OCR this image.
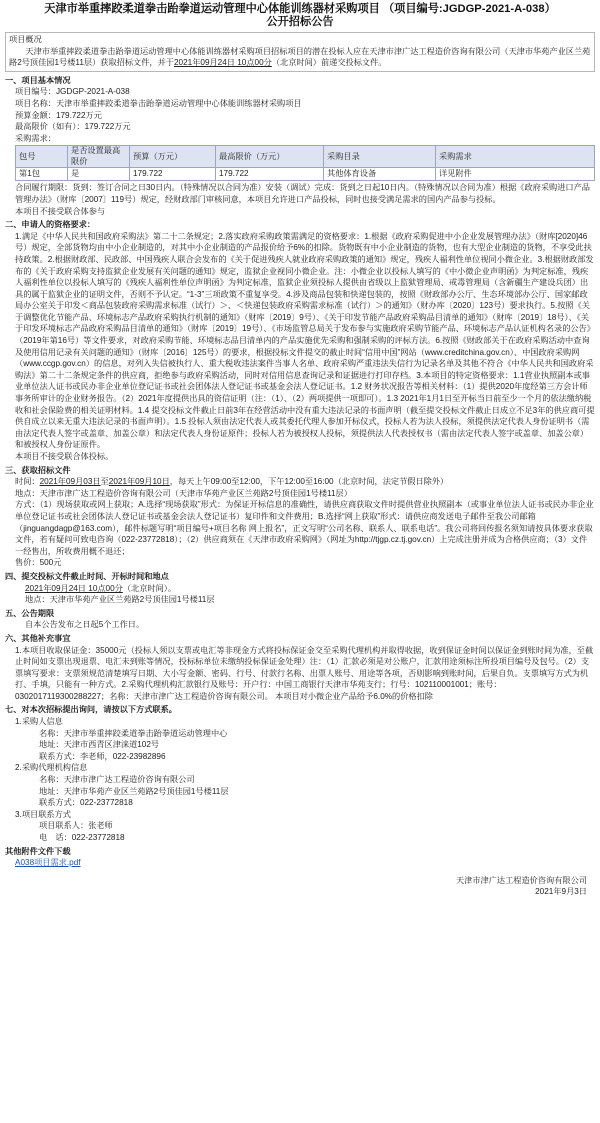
天津市举重摔跤柔道拳击跆拳道运动管理中心体能训练器材采购项目 （项目编号:JGDGP-2021-A-038）
公开招标公告

项目概况

天津市举重摔跤柔道拳击跆拳道运动管理中心体能训练器材采购项目招标项目的潜在投标人应在天津市津广达工程造价咨询有限公司（天津市华苑产业区兰苑路2号顶佳园1号楼11层）获取招标文件，并于2021年09月24日 10点00分（北京时间）前递交投标文件。

一、项目基本情况

项目编号：JGDGP-2021-A-038

项目名称：天津市举重摔跤柔道拳击跆拳道运动管理中心体能训练器材采购项目

预算金额：179.722万元

最高限价（如有）：179.722万元

采购需求：

包号	是否设置最高限价	预算（万元）	最高限价（万元）	采购目录	采购需求
第1包	是	179.722	179.722	其他体育设备	详见附件

合同履行期限：货到：签订合同之日30日内。（特殊情况以合同为准）安装（调试）完成：货到之日起10日内。（特殊情况以合同为准）根据《政府采购进口产品管理办法》（财库〔2007〕119号）规定，经财政部门审核同意，本项目允许进口产品投标，同时也接受满足需求的国内产品参与投标。

本项目不接受联合体参与

二、申请人的资格要求：

1.满足《中华人民共和国政府采购法》第二十二条规定；2.落实政府采购政策需满足的资格要求：1.根据《政府采购促进中小企业发展管理办法》（财库[2020]46号）规定，全部货物均由中小企业制造的，对其中小企业制造的产品报价给予6%的扣除。货物既有中小企业制造的货物，也有大型企业制造的货物，不享受此扶持政策。2.根据财政部、民政部、中国残疾人联合会发布的《关于促进残疾人就业政府采购政策的通知》规定，残疾人福利性单位视同小微企业。3.根据财政部发布的《关于政府采购支持监狱企业发展有关问题的通知》规定，监狱企业视同小微企业。注：小微企业以投标人填写的《中小微企业声明函》为判定标准，残疾人福利性单位以投标人填写的《残疾人福利性单位声明函》为判定标准，监狱企业须投标人提供由省级以上监狱管理局、戒毒管理局（含新疆生产建设兵团）出具的属于监狱企业的证明文件，否则不予认定。“1-3”三项政策不重复享受。4.涉及商品包装和快递包装的，按照《财政部办公厅、生态环境部办公厅、国家邮政局办公室关于印发＜商品包装政府采购需求标准（试行）＞、＜快递包装政府采购需求标准（试行）＞的通知》（财办库〔2020〕123号）要求执行。5.按照《关于调整优化节能产品、环境标志产品政府采购执行机制的通知》（财库〔2019〕9号）、《关于印发节能产品政府采购品目清单的通知》（财库〔2019〕18号）、《关于印发环境标志产品政府采购品目清单的通知》（财库〔2019〕19号）、《市场监管总局关于发布参与实施政府采购节能产品、环境标志产品认证机构名录的公告》（2019年第16号）等文件要求，对政府采购节能、环境标志品目清单内的产品实施优先采购和强制采购的评标方法。6.按照《财政部关于在政府采购活动中查询及使用信用记录有关问题的通知》（财库〔2016〕125号）的要求，根据投标文件提交的截止时间“信用中国”网站（www.creditchina.gov.cn）、中国政府采购网（www.ccgp.gov.cn）的信息，对列入失信被执行人、重大税收违法案件当事人名单、政府采购严重违法失信行为记录名单及其他不符合《中华人民共和国政府采购法》第二十二条规定条件的供应商，拒绝参与政府采购活动，同时对信用信息查询记录和证据进行打印存档。3.本项目的特定资格要求：1.1营业执照副本或事业单位法人证书或民办非企业单位登记证书或社会团体法人登记证书或基金会法人登记证书。1.2 财务状况报告等相关材料：（1）提供2020年度经第三方会计师事务所审计的企业财务报告。（2）2021年度提供出具的资信证明（注：（1）、（2）两项提供一项即可）。1.3 2021年1月1日至开标当日前至少一个月的依法缴纳税收和社会保险费的相关证明材料。1.4 提交投标文件截止日前3年在经营活动中没有重大违法记录的书面声明（截至提交投标文件截止日成立不足3年的供应商可提供自成立以来无重大违法记录的书面声明）。1.5 投标人须由法定代表人或其委托代理人参加开标仪式，投标人若为法人投标，须提供法定代表人身份证明书（需由法定代表人签字或盖章、加盖公章）和法定代表人身份证原件；投标人若为被授权人投标，须提供法人代表授权书（需由法定代表人签字或盖章、加盖公章）和被授权人身份证原件。

本项目不接受联合体投标。

三、获取招标文件

时间：2021年09月03日至2021年09月10日，每天上午09:00至12:00，下午12:00至16:00（北京时间，法定节假日除外）

地点：天津市津广达工程造价咨询有限公司（天津市华苑产业区兰苑路2号顶佳园1号楼11层）

方式：（1）现场获取或网上获取；A.选择“现场获取”形式：为保证开标信息的准确性，请供应商获取文件时提供营业执照副本（或事业单位法人证书或民办非企业单位登记证书或社会团体法人登记证书或基金会法人登记证书）复印件和文件费用；B.选择“网上获取”形式：请供应商发送电子邮件至我公司邮箱（jinguangdagp@163.com），邮件标题写明“项目编号+项目名称 网上报名”，正文写明“公司名称、联系人、联系电话”。我公司将回传报名须知请按具体要求获取文件，若有疑问可致电咨询（022-23772818）；（2）供应商须在《天津市政府采购网》（网址为http://tjgp.cz.tj.gov.cn）上完成注册并成为合格供应商；（3）文件一经售出，所收费用概不退还；

售价：500元

四、提交投标文件截止时间、开标时间和地点

2021年09月24日 10点00分（北京时间）。

地点：天津市华苑产业区兰苑路2号顶佳园1号楼11层

五、公告期限

自本公告发布之日起5个工作日。

六、其他补充事宜

1.本项目收取保证金：35000元（投标人须以支票或电汇等非现金方式将投标保证金交至采购代理机构并取得收据，收到保证金时间以保证金到账时间为准，至截止时间如支票出现退票、电汇未到账等情况，投标标单位未缴纳投标保证金处理）注：（1）汇款必须是对公账户，汇款用途须标注所投项目编号及包号。（2）支票填写要求：支票须规范清楚填写日期、大小写金额、密码、行号、付款行名称、出票人账号、用途等各项，否则影响到账时间，后果自负。支票填写方式为机打、手填，只能有一种方式。2.采购代理机构汇款银行及账号：开户行：中国工商银行天津市华苑支行；行号：102110001001；账号：0302017119300288227；名称：天津市津广达工程造价咨询有限公司。 本项目对小微企业产品给予6.0%的价格扣除

七、对本次招标提出询问，请按以下方式联系。

1.采购人信息

名称：天津市举重摔跤柔道拳击跆拳道运动管理中心

地址：天津市西青区津涞道102号

联系方式：李老师，022-23982896

2.采购代理机构信息

名称：天津市津广达工程造价咨询有限公司

地址：天津市华苑产业区兰苑路2号顶佳园1号楼11层

联系方式：022-23772818

3.项目联系方式

项目联系人：张老师

电　话：022-23772818

其他附件文件下载
A038项目需求.pdf

天津市津广达工程造价咨询有限公司

2021年9月3日
